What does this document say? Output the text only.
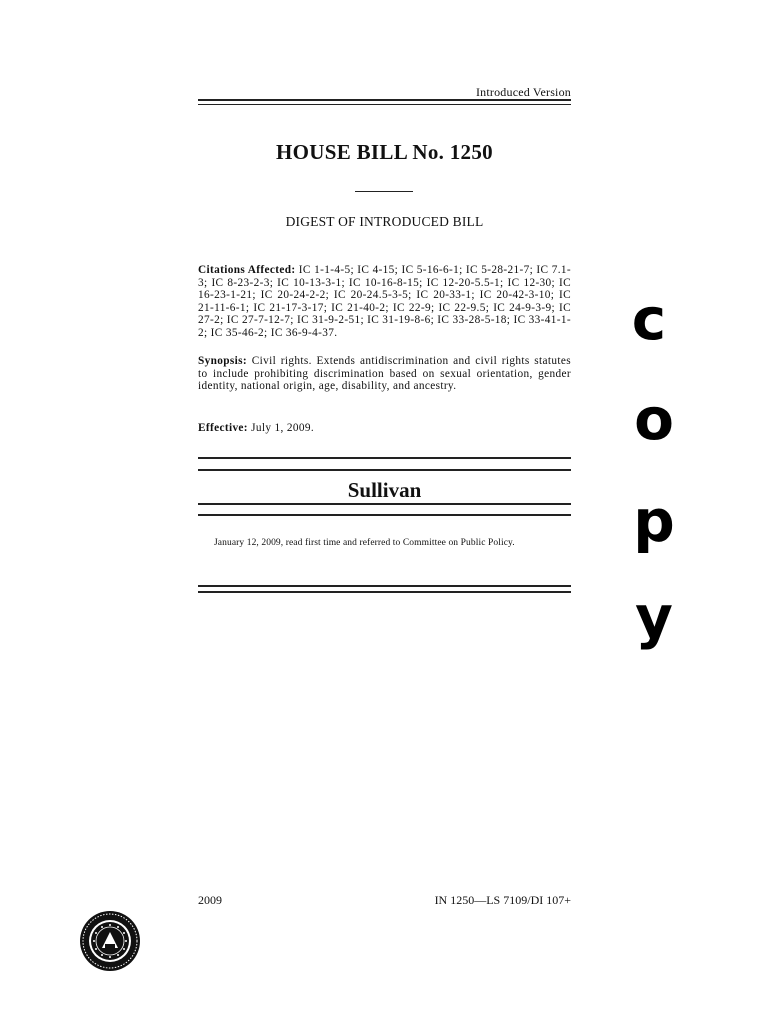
Introduced Version
HOUSE BILL No. 1250
DIGEST OF INTRODUCED BILL
Citations Affected: IC 1-1-4-5; IC 4-15; IC 5-16-6-1; IC 5-28-21-7; IC 7.1-3; IC 8-23-2-3; IC 10-13-3-1; IC 10-16-8-15; IC 12-20-5.5-1; IC 12-30; IC 16-23-1-21; IC 20-24-2-2; IC 20-24.5-3-5; IC 20-33-1; IC 20-42-3-10; IC 21-11-6-1; IC 21-17-3-17; IC 21-40-2; IC 22-9; IC 22-9.5; IC 24-9-3-9; IC 27-2; IC 27-7-12-7; IC 31-9-2-51; IC 31-19-8-6; IC 33-28-5-18; IC 33-41-1-2; IC 35-46-2; IC 36-9-4-37.
Synopsis: Civil rights. Extends antidiscrimination and civil rights statutes to include prohibiting discrimination based on sexual orientation, gender identity, national origin, age, disability, and ancestry.
Effective: July 1, 2009.
Sullivan
January 12, 2009, read first time and referred to Committee on Public Policy.
c
o
p
y
2009	IN 1250—LS 7109/DI 107+
